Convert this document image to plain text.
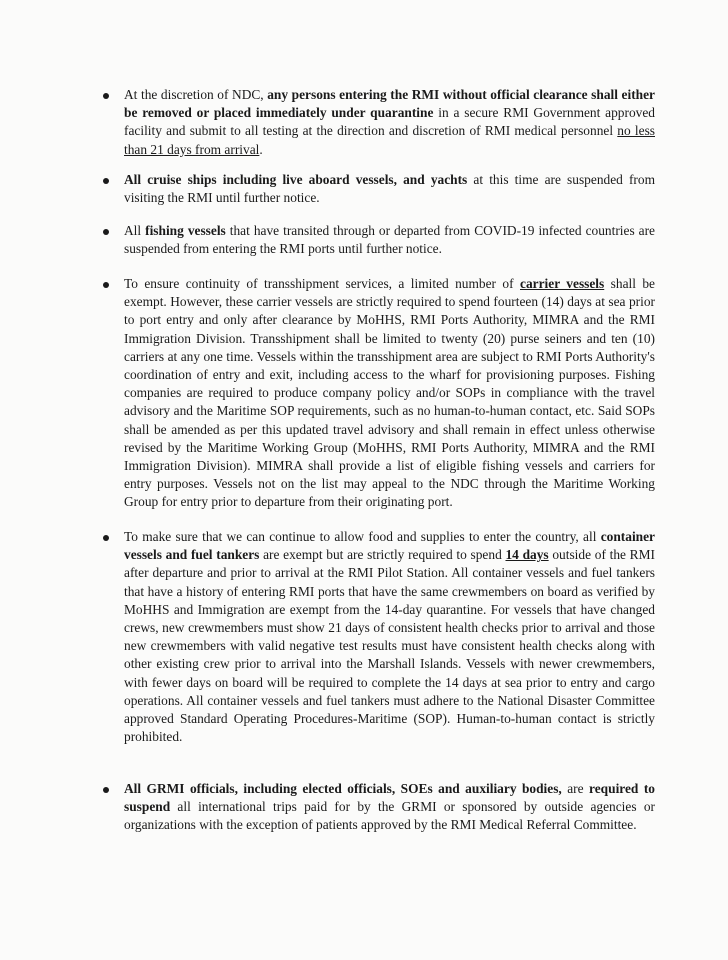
At the discretion of NDC, any persons entering the RMI without official clearance shall either be removed or placed immediately under quarantine in a secure RMI Government approved facility and submit to all testing at the direction and discretion of RMI medical personnel no less than 21 days from arrival.
All cruise ships including live aboard vessels, and yachts at this time are suspended from visiting the RMI until further notice.
All fishing vessels that have transited through or departed from COVID-19 infected countries are suspended from entering the RMI ports until further notice.
To ensure continuity of transshipment services, a limited number of carrier vessels shall be exempt. However, these carrier vessels are strictly required to spend fourteen (14) days at sea prior to port entry and only after clearance by MoHHS, RMI Ports Authority, MIMRA and the RMI Immigration Division. Transshipment shall be limited to twenty (20) purse seiners and ten (10) carriers at any one time. Vessels within the transshipment area are subject to RMI Ports Authority's coordination of entry and exit, including access to the wharf for provisioning purposes. Fishing companies are required to produce company policy and/or SOPs in compliance with the travel advisory and the Maritime SOP requirements, such as no human-to-human contact, etc. Said SOPs shall be amended as per this updated travel advisory and shall remain in effect unless otherwise revised by the Maritime Working Group (MoHHS, RMI Ports Authority, MIMRA and the RMI Immigration Division). MIMRA shall provide a list of eligible fishing vessels and carriers for entry purposes. Vessels not on the list may appeal to the NDC through the Maritime Working Group for entry prior to departure from their originating port.
To make sure that we can continue to allow food and supplies to enter the country, all container vessels and fuel tankers are exempt but are strictly required to spend 14 days outside of the RMI after departure and prior to arrival at the RMI Pilot Station. All container vessels and fuel tankers that have a history of entering RMI ports that have the same crewmembers on board as verified by MoHHS and Immigration are exempt from the 14-day quarantine. For vessels that have changed crews, new crewmembers must show 21 days of consistent health checks prior to arrival and those new crewmembers with valid negative test results must have consistent health checks along with other existing crew prior to arrival into the Marshall Islands. Vessels with newer crewmembers, with fewer days on board will be required to complete the 14 days at sea prior to entry and cargo operations. All container vessels and fuel tankers must adhere to the National Disaster Committee approved Standard Operating Procedures-Maritime (SOP). Human-to-human contact is strictly prohibited.
All GRMI officials, including elected officials, SOEs and auxiliary bodies, are required to suspend all international trips paid for by the GRMI or sponsored by outside agencies or organizations with the exception of patients approved by the RMI Medical Referral Committee.
